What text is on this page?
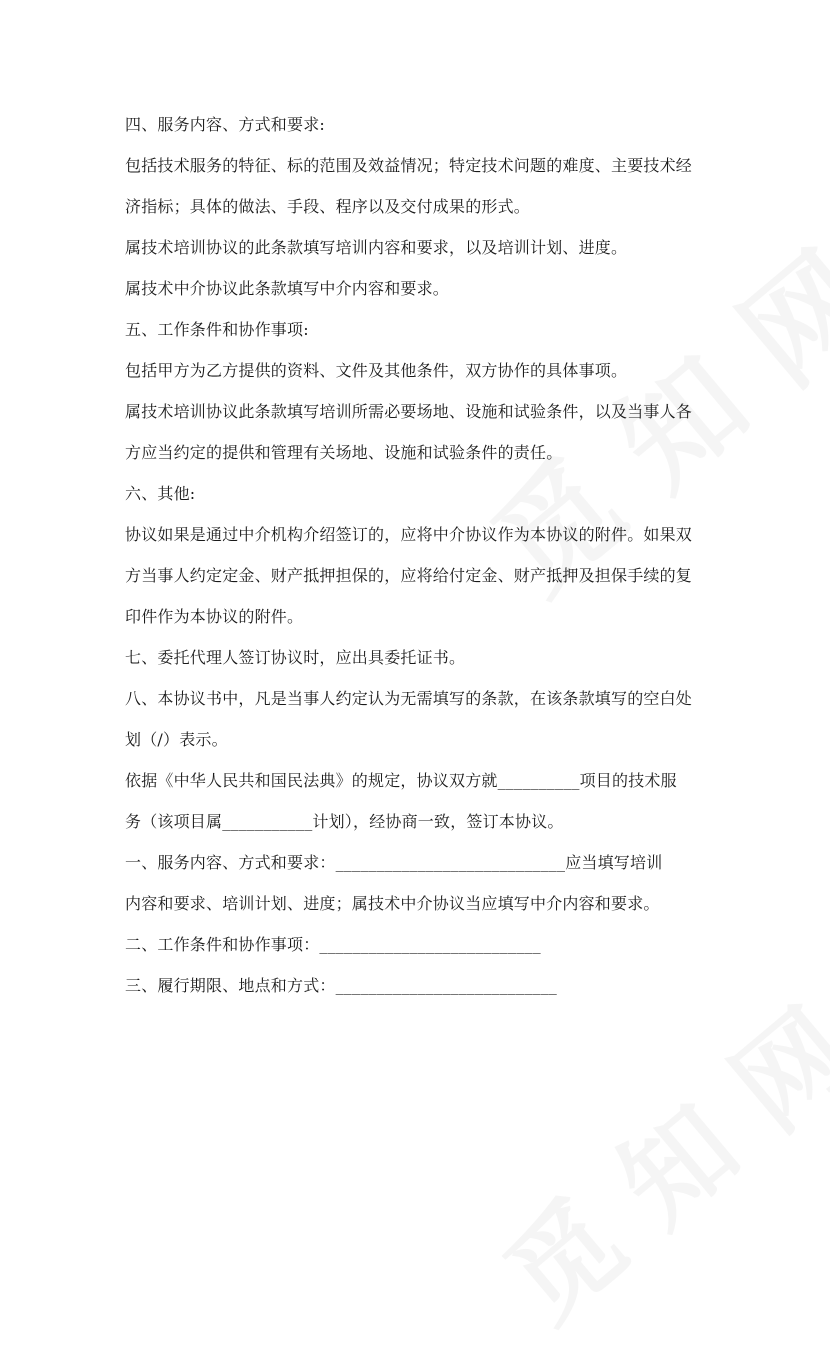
四、服务内容、方式和要求:
包括技术服务的特征、标的范围及效益情况；特定技术问题的难度、主要技术经
济指标；具体的做法、手段、程序以及交付成果的形式。
属技术培训协议的此条款填写培训内容和要求，以及培训计划、进度。
属技术中介协议此条款填写中介内容和要求。
五、工作条件和协作事项:
包括甲方为乙方提供的资料、文件及其他条件，双方协作的具体事项。
属技术培训协议此条款填写培训所需必要场地、设施和试验条件，以及当事人各
方应当约定的提供和管理有关场地、设施和试验条件的责任。
六、其他:
协议如果是通过中介机构介绍签订的，应将中介协议作为本协议的附件。如果双
方当事人约定定金、财产抵押担保的，应将给付定金、财产抵押及担保手续的复
印件作为本协议的附件。
七、委托代理人签订协议时，应出具委托证书。
八、本协议书中，凡是当事人约定认为无需填写的条款，在该条款填写的空白处
划（/）表示。
依据《中华人民共和国民法典》的规定，协议双方就__________项目的技术服
务（该项目属___________计划），经协商一致，签订本协议。
一、服务内容、方式和要求：____________________________应当填写培训
内容和要求、培训计划、进度；属技术中介协议当应填写中介内容和要求。
二、工作条件和协作事项：___________________________
三、履行期限、地点和方式：___________________________
